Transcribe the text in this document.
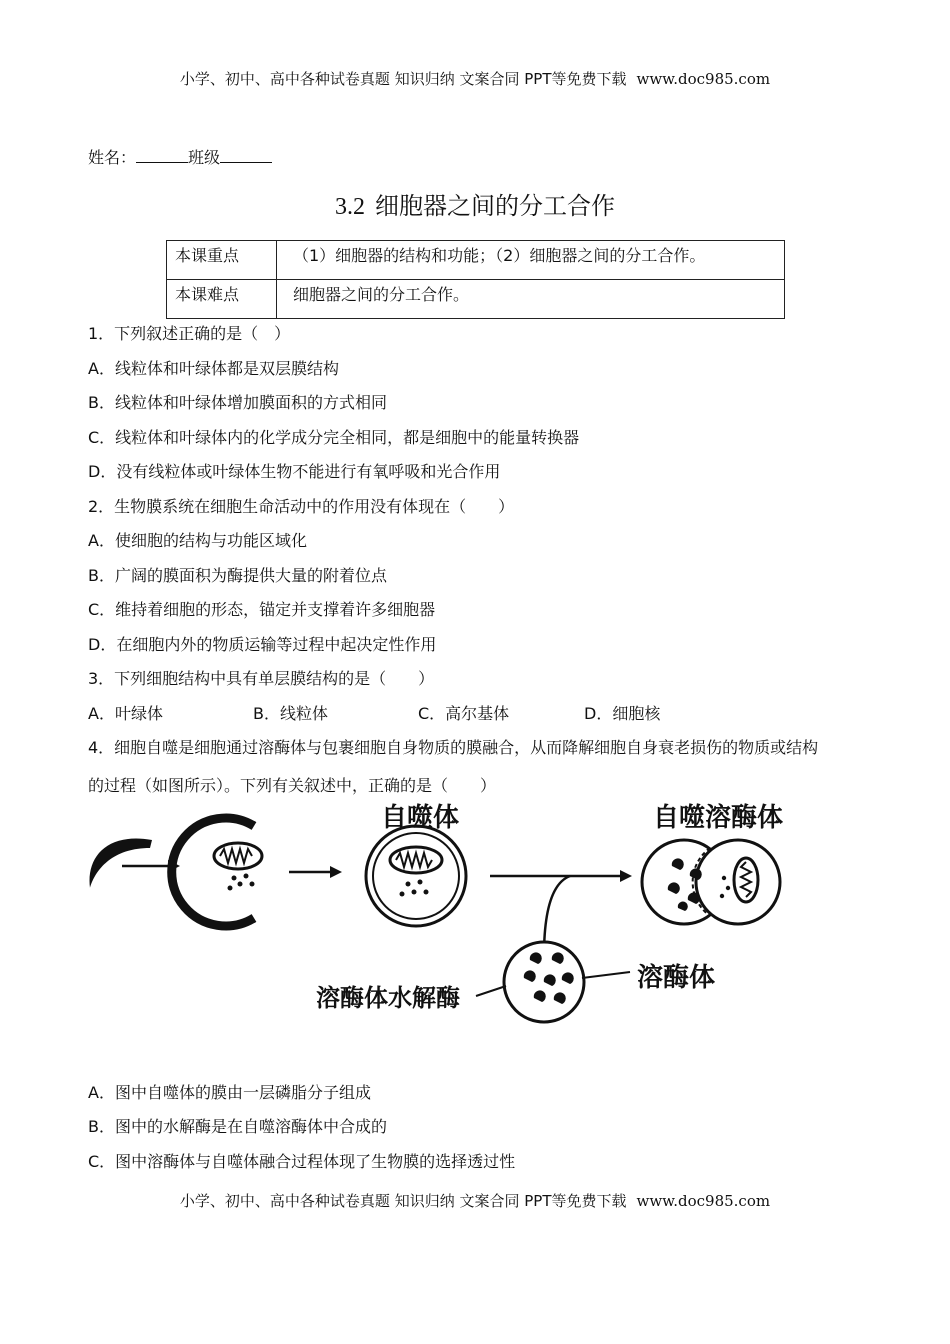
小学、初中、高中各种试卷真题 知识归纳 文案合同 PPT等免费下载 www.doc985.com
姓名：	班级
3.2 细胞器之间的分工合作
本课重点	（1）细胞器的结构和功能；（2）细胞器之间的分工合作。
本课难点	细胞器之间的分工合作。
1．下列叙述正确的是（　）
A．线粒体和叶绿体都是双层膜结构
B．线粒体和叶绿体增加膜面积的方式相同
C．线粒体和叶绿体内的化学成分完全相同，都是细胞中的能量转换器
D．没有线粒体或叶绿体生物不能进行有氧呼吸和光合作用
2．生物膜系统在细胞生命活动中的作用没有体现在（　　）
A．使细胞的结构与功能区域化
B．广阔的膜面积为酶提供大量的附着位点
C．维持着细胞的形态，锚定并支撑着许多细胞器
D．在细胞内外的物质运输等过程中起决定性作用
3．下列细胞结构中具有单层膜结构的是（　　）
A．叶绿体	B．线粒体	C．高尔基体	D．细胞核
4．细胞自噬是细胞通过溶酶体与包裹细胞自身物质的膜融合，从而降解细胞自身衰老损伤的物质或结构
的过程（如图所示）。下列有关叙述中，正确的是（　　）
自噬体	自噬溶酶体
溶酶体水解酶
溶酶体
A．图中自噬体的膜由一层磷脂分子组成
B．图中的水解酶是在自噬溶酶体中合成的
C．图中溶酶体与自噬体融合过程体现了生物膜的选择透过性
小学、初中、高中各种试卷真题 知识归纳 文案合同 PPT等免费下载 www.doc985.com
